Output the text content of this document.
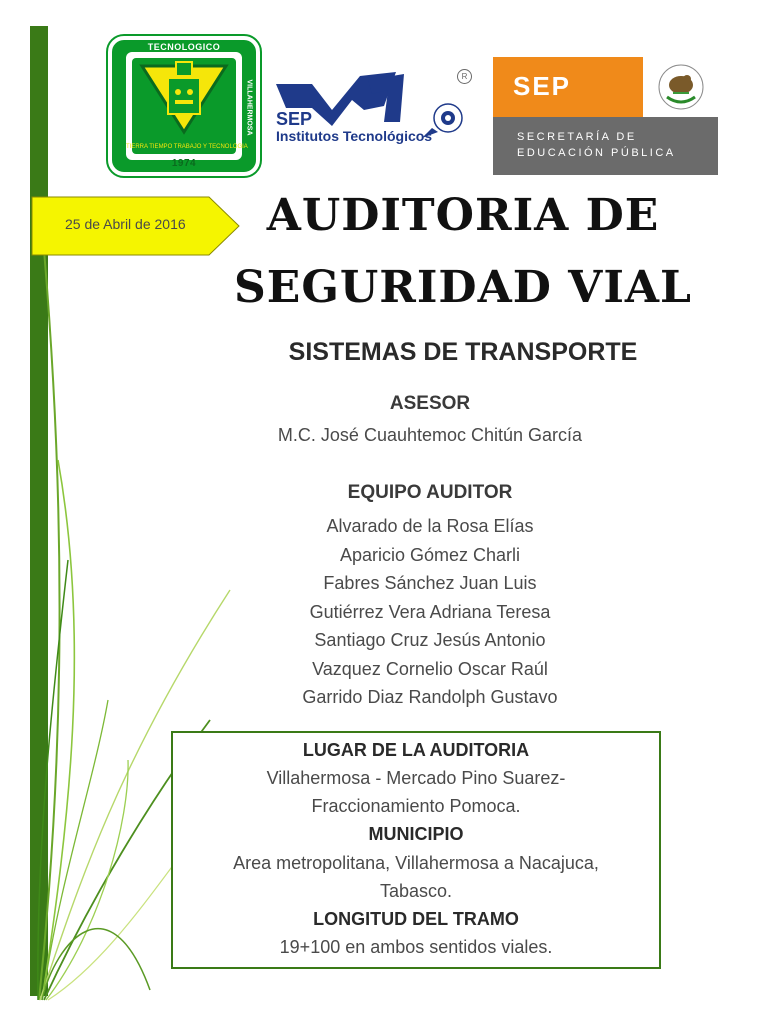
TECNOLOGICO
VILLAHERMOSA
INSTITUTO
1974
TIERRA TIEMPO TRABAJO Y TECNOLOGIA
R
SEP
Institutos Tecnológicos
SEP
SECRETARÍA DE
EDUCACIÓN PÚBLICA
25 de Abril de 2016	AUDITORIA DE
SEGURIDAD VIAL
SISTEMAS DE TRANSPORTE
ASESOR
M.C. José Cuauhtemoc Chitún García
EQUIPO AUDITOR
Alvarado de la Rosa Elías
Aparicio Gómez Charli
Fabres Sánchez Juan Luis
Gutiérrez Vera Adriana Teresa
Santiago Cruz Jesús Antonio
Vazquez Cornelio Oscar Raúl
Garrido Diaz Randolph Gustavo
LUGAR DE LA AUDITORIA
Villahermosa - Mercado Pino Suarez-
Fraccionamiento Pomoca.
MUNICIPIO
Area metropolitana, Villahermosa a Nacajuca,
Tabasco.
LONGITUD DEL TRAMO
19+100 en ambos sentidos viales.
